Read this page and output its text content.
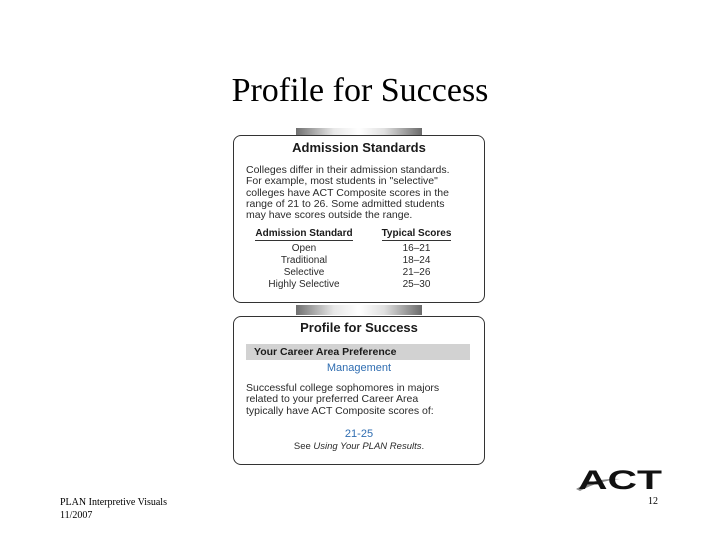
Profile for Success
Admission Standards
Colleges differ in their admission standards.
For example, most students in "selective"
colleges have ACT Composite scores in the
range of 21 to 26. Some admitted students
may have scores outside the range.
Admission Standard	Typical Scores
Open	16–21
Traditional	18–24
Selective	21–26
Highly Selective	25–30
Profile for Success
Your Career Area Preference
Management
Successful college sophomores in majors
related to your preferred Career Area
typically have ACT Composite scores of:
21-25
See Using Your PLAN Results.
ACT
PLAN Interpretive Visuals
11/2007
12
